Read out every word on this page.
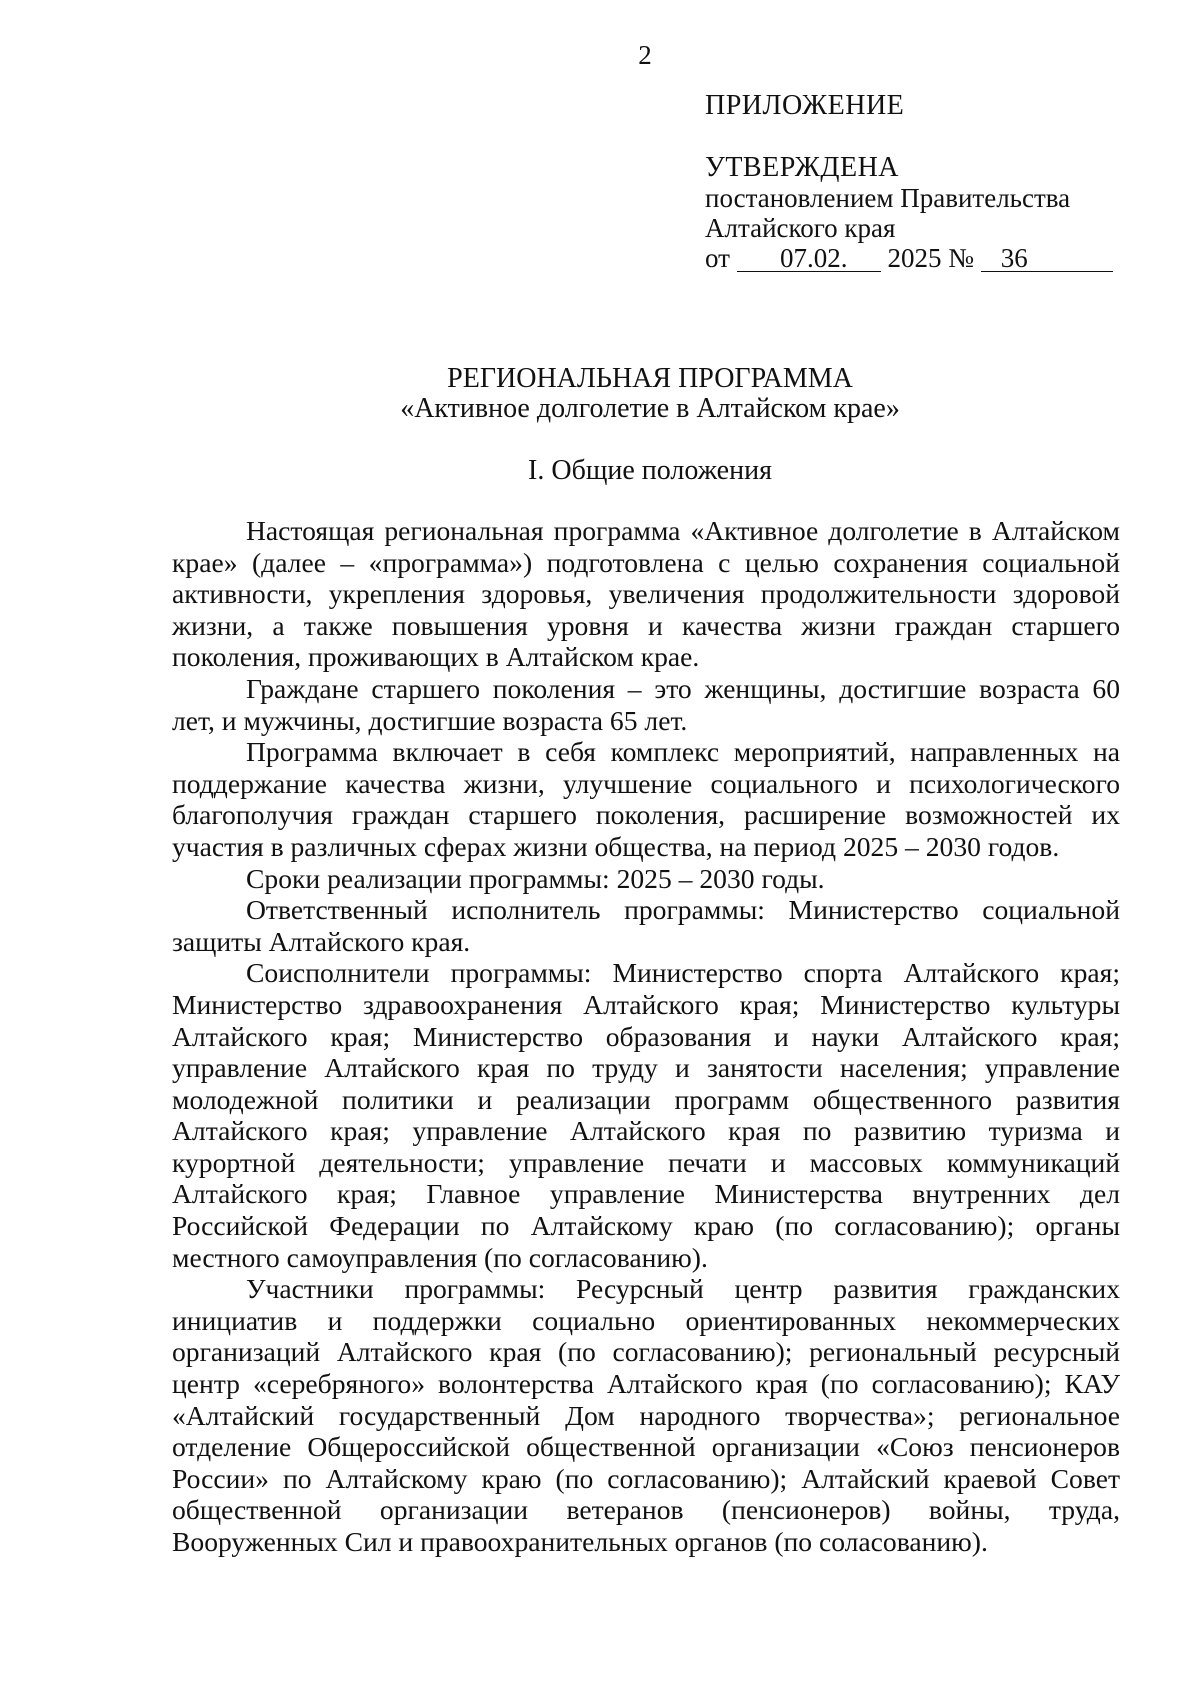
2
ПРИЛОЖЕНИЕ
УТВЕРЖДЕНА
постановлением Правительства
Алтайского края
от 07.02. 2025 № 36
РЕГИОНАЛЬНАЯ ПРОГРАММА
«Активное долголетие в Алтайском крае»
I. Общие положения

Настоящая региональная программа «Активное долголетие в Алтайском крае» (далее – «программа») подготовлена с целью сохранения социальной активности, укрепления здоровья, увеличения продолжительности здоровой жизни, а также повышения уровня и качества жизни граждан старшего поколения, проживающих в Алтайском крае.

Граждане старшего поколения – это женщины, достигшие возраста 60 лет, и мужчины, достигшие возраста 65 лет.

Программа включает в себя комплекс мероприятий, направленных на поддержание качества жизни, улучшение социального и психологического благополучия граждан старшего поколения, расширение возможностей их участия в различных сферах жизни общества, на период 2025 – 2030 годов.

Сроки реализации программы: 2025 – 2030 годы.

Ответственный исполнитель программы: Министерство социальной защиты Алтайского края.

Соисполнители программы: Министерство спорта Алтайского края; Министерство здравоохранения Алтайского края; Министерство культуры Алтайского края; Министерство образования и науки Алтайского края; управление Алтайского края по труду и занятости населения; управление молодежной политики и реализации программ общественного развития Алтайского края; управление Алтайского края по развитию туризма и курортной деятельности; управление печати и массовых коммуникаций Алтайского края; Главное управление Министерства внутренних дел Российской Федерации по Алтайскому краю (по согласованию); органы местного самоуправления (по согласованию).

Участники программы: Ресурсный центр развития гражданских инициатив и поддержки социально ориентированных некоммерческих организаций Алтайского края (по согласованию); региональный ресурсный центр «серебряного» волонтерства Алтайского края (по согласованию); КАУ «Алтайский государственный Дом народного творчества»; региональное отделение Общероссийской общественной организации «Союз пенсионеров России» по Алтайскому краю (по согласованию); Алтайский краевой Совет общественной организации ветеранов (пенсионеров) войны, труда, Вооруженных Сил и правоохранительных органов (по соласованию).
